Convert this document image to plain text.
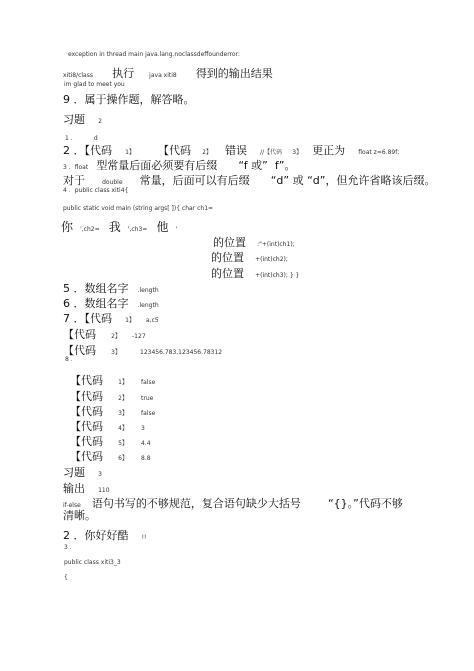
exception in thread main java.lang.noclassdeffounderror:
xiti8/class 执行	java xiti8 得到的输出结果
im glad to meet you
9 ．属于操作题，解答略。
习题 2
1 ．	d
2 ．【代码 1】 【代码 2】 错误 //【代码 3】 更正为 float z=6.89f;
3 ．float 型常量后面必须要有后缀 “f 或” f”。
对于	double 常量，后面可以有后缀 “d” 或 “d”，但允许省略该后缀。
4 ．public class xiti4{
public static void main (string args[ ]){ char ch1=
你 ',ch2= 我 ',ch3= 他 '
的位置 :"+(int)ch1);
的位置 +(int)ch2);
的位置 +(int)ch3); } }
5 ．数组名字 .length
6 ．数组名字 .length
7 ．【代码 1】 a,c5
【代码	2】 -127
【代码	3】	123456.783,123456.78312
8 ．
【代码	1】 false
【代码	2】 true
【代码	3】 false
【代码	4】 3
【代码	5】 4.4
【代码	6】 8.8
习题 3
输出 110
if-else 语句书写的不够规范，复合语句缺少大括号 “{}。”代码不够
清晰。
2 ．你好好酷 !!
3 ．
public class xiti3_3
{
